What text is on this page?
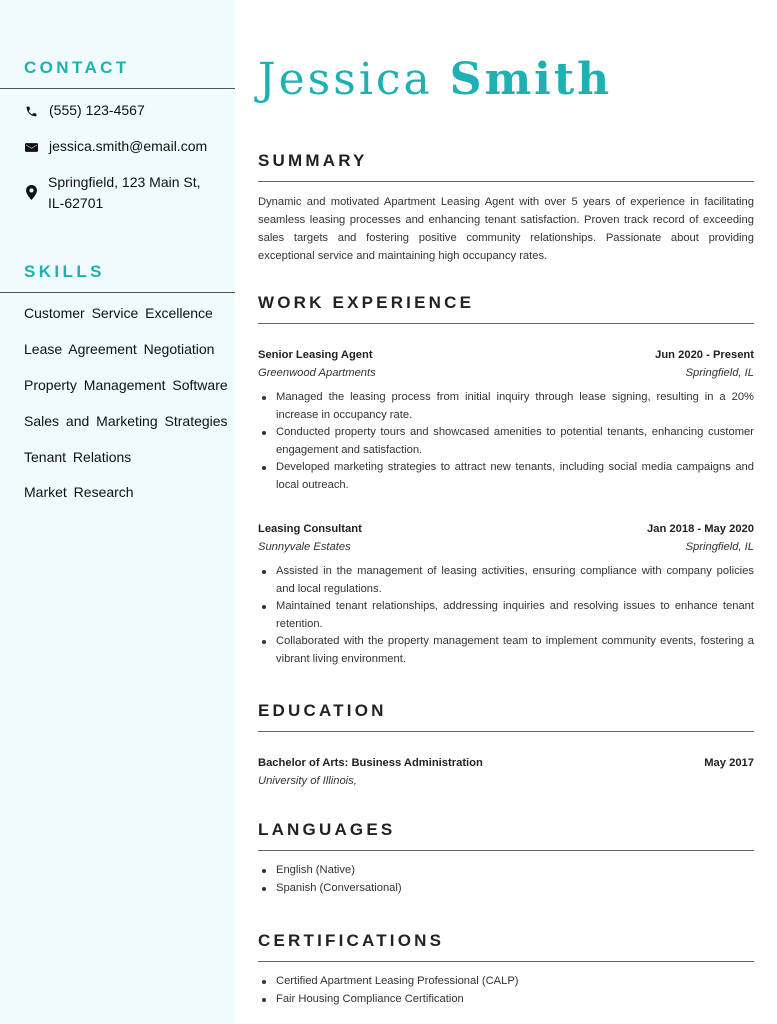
CONTACT
(555) 123-4567
jessica.smith@email.com
Springfield, 123 Main St, IL-62701
SKILLS
Customer Service Excellence
Lease Agreement Negotiation
Property Management Software
Sales and Marketing Strategies
Tenant Relations
Market Research
Jessica Smith
SUMMARY
Dynamic and motivated Apartment Leasing Agent with over 5 years of experience in facilitating seamless leasing processes and enhancing tenant satisfaction. Proven track record of exceeding sales targets and fostering positive community relationships. Passionate about providing exceptional service and maintaining high occupancy rates.
WORK EXPERIENCE
Senior Leasing Agent	Jun 2020 - Present
Greenwood Apartments	Springfield, IL
Managed the leasing process from initial inquiry through lease signing, resulting in a 20% increase in occupancy rate.
Conducted property tours and showcased amenities to potential tenants, enhancing customer engagement and satisfaction.
Developed marketing strategies to attract new tenants, including social media campaigns and local outreach.
Leasing Consultant	Jan 2018 - May 2020
Sunnyvale Estates	Springfield, IL
Assisted in the management of leasing activities, ensuring compliance with company policies and local regulations.
Maintained tenant relationships, addressing inquiries and resolving issues to enhance tenant retention.
Collaborated with the property management team to implement community events, fostering a vibrant living environment.
EDUCATION
Bachelor of Arts: Business Administration	May 2017
University of Illinois,
LANGUAGES
English (Native)
Spanish (Conversational)
CERTIFICATIONS
Certified Apartment Leasing Professional (CALP)
Fair Housing Compliance Certification
